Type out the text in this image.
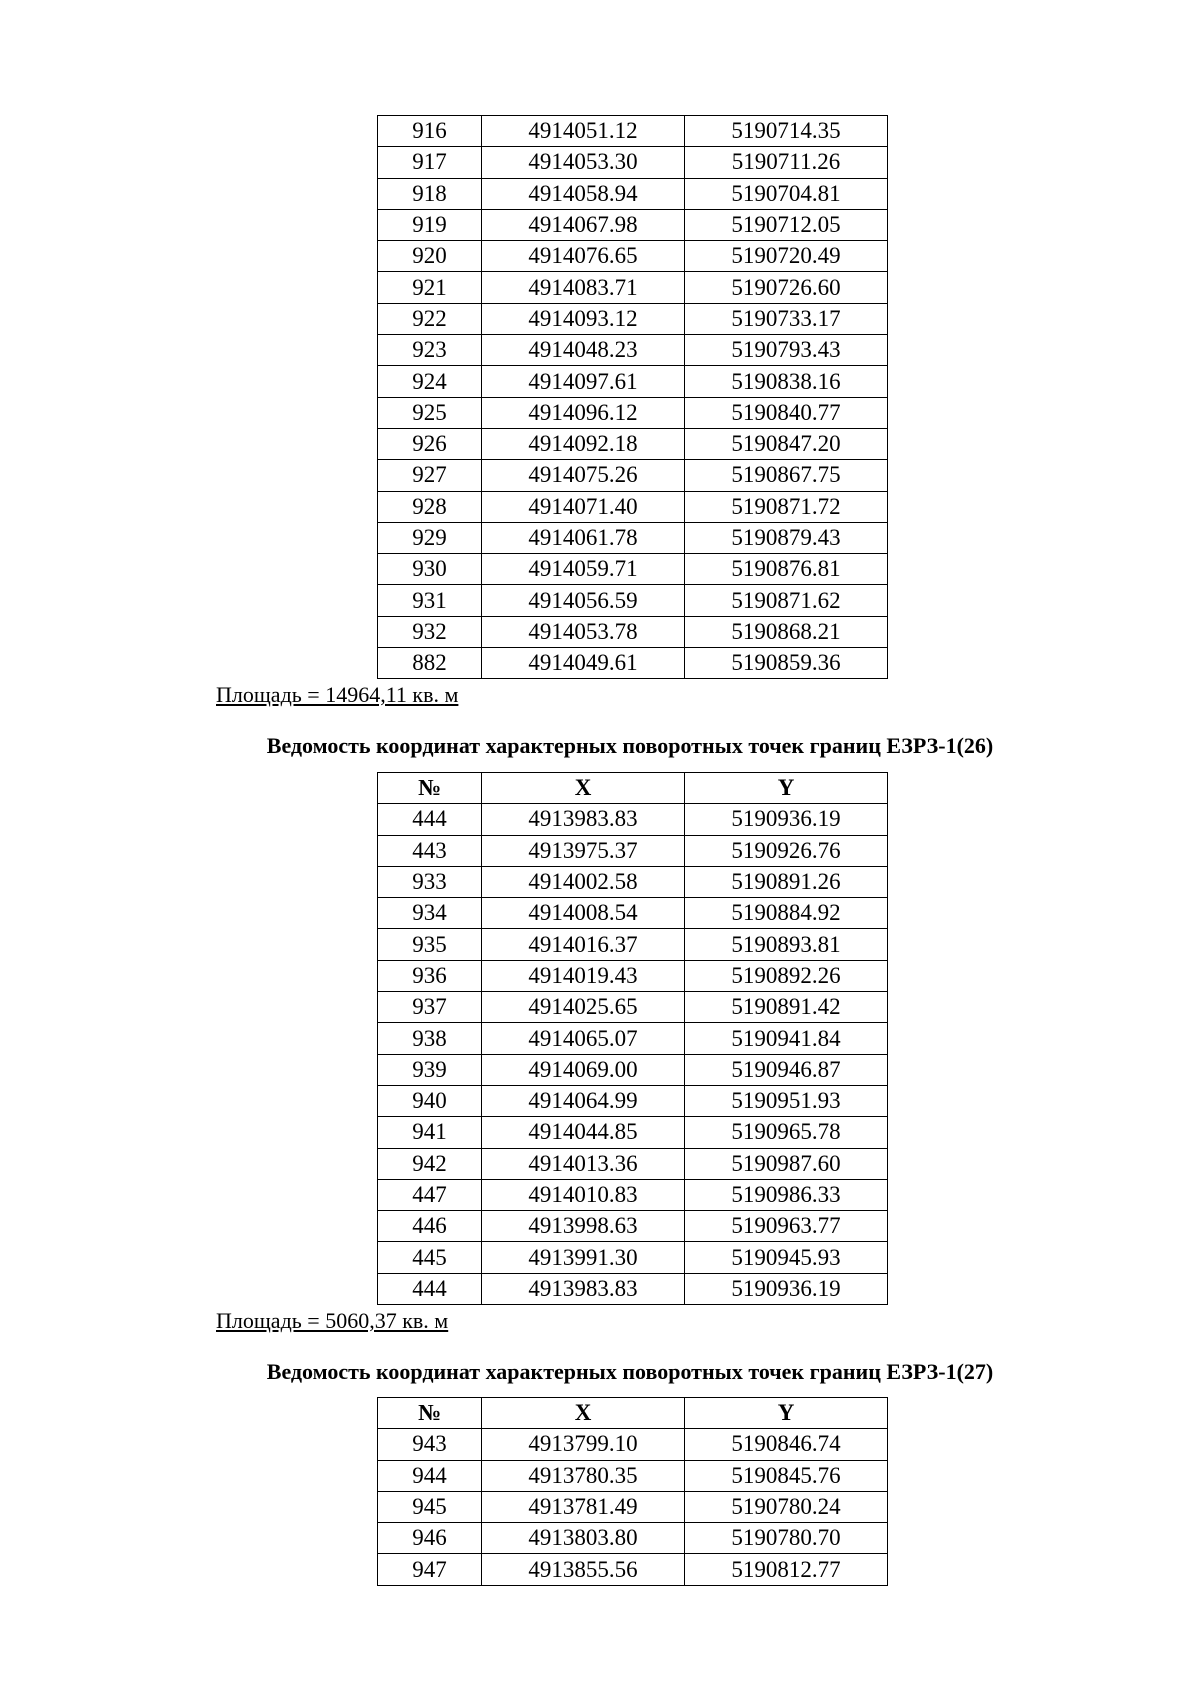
916	4914051.12	5190714.35
917	4914053.30	5190711.26
918	4914058.94	5190704.81
919	4914067.98	5190712.05
920	4914076.65	5190720.49
921	4914083.71	5190726.60
922	4914093.12	5190733.17
923	4914048.23	5190793.43
924	4914097.61	5190838.16
925	4914096.12	5190840.77
926	4914092.18	5190847.20
927	4914075.26	5190867.75
928	4914071.40	5190871.72
929	4914061.78	5190879.43
930	4914059.71	5190876.81
931	4914056.59	5190871.62
932	4914053.78	5190868.21
882	4914049.61	5190859.36
Площадь = 14964,11 кв. м
Ведомость координат характерных поворотных точек границ ЕЗРЗ-1(26)
№	X	Y
444	4913983.83	5190936.19
443	4913975.37	5190926.76
933	4914002.58	5190891.26
934	4914008.54	5190884.92
935	4914016.37	5190893.81
936	4914019.43	5190892.26
937	4914025.65	5190891.42
938	4914065.07	5190941.84
939	4914069.00	5190946.87
940	4914064.99	5190951.93
941	4914044.85	5190965.78
942	4914013.36	5190987.60
447	4914010.83	5190986.33
446	4913998.63	5190963.77
445	4913991.30	5190945.93
444	4913983.83	5190936.19
Площадь = 5060,37 кв. м
Ведомость координат характерных поворотных точек границ ЕЗРЗ-1(27)
№	X	Y
943	4913799.10	5190846.74
944	4913780.35	5190845.76
945	4913781.49	5190780.24
946	4913803.80	5190780.70
947	4913855.56	5190812.77
